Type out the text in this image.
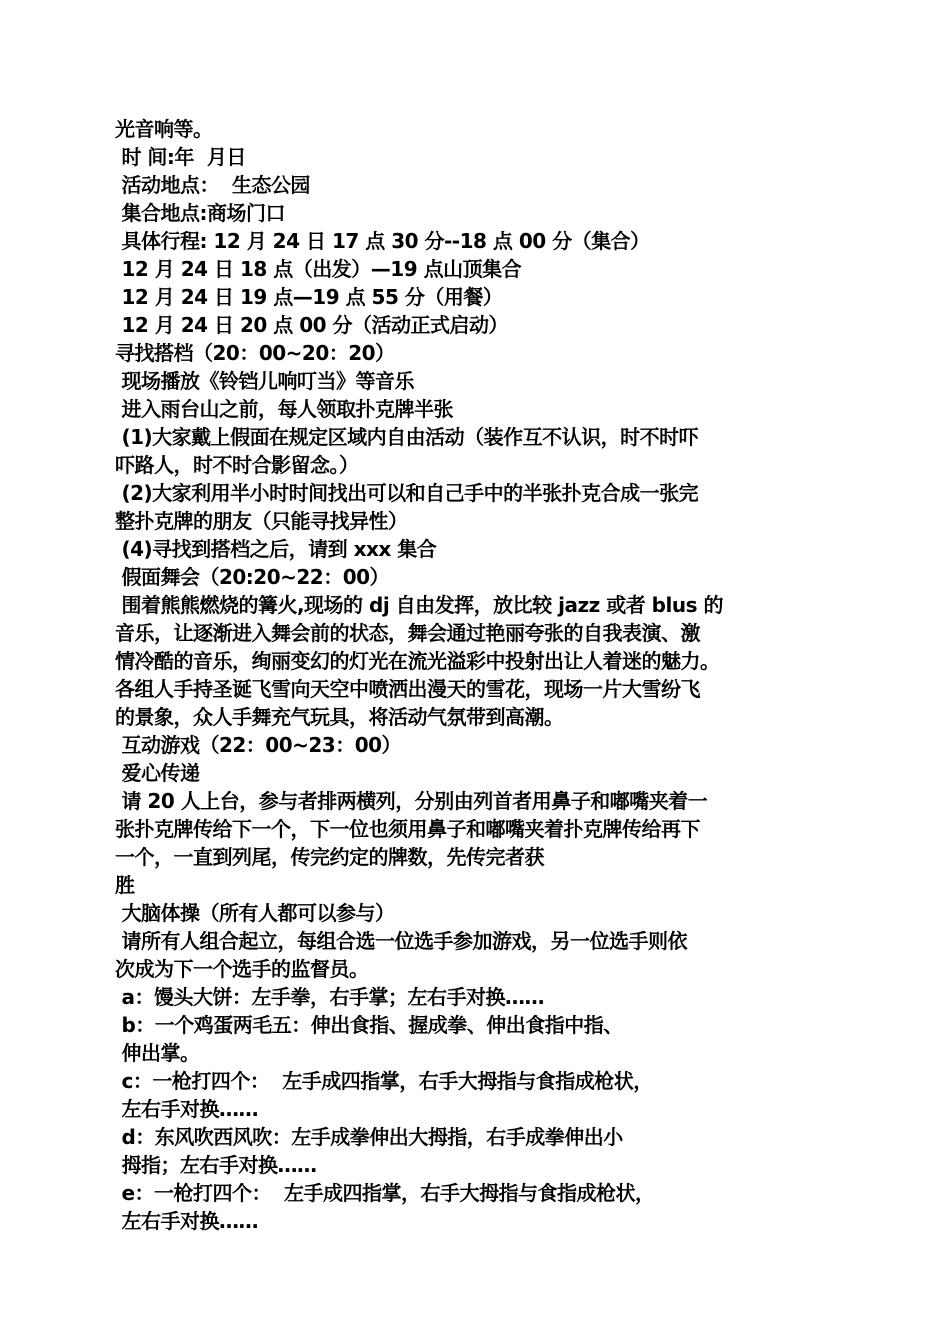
光音响等。

时 间:年  月日

活动地点：  生态公园

集合地点:商场门口

具体行程: 12 月 24 日 17 点 30 分--18 点 00 分（集合）

12 月 24 日 18 点（出发）—19 点山顶集合

12 月 24 日 19 点—19 点 55 分（用餐）

12 月 24 日 20 点 00 分（活动正式启动）

寻找搭档（20：00~20：20）

现场播放《铃铛儿响叮当》等音乐

进入雨台山之前，每人领取扑克牌半张

(1)大家戴上假面在规定区域内自由活动（装作互不认识，时不时吓

吓路人，时不时合影留念。）

(2)大家利用半小时时间找出可以和自己手中的半张扑克合成一张完

整扑克牌的朋友（只能寻找异性）

(4)寻找到搭档之后，请到 xxx 集合

假面舞会（20:20~22：00）

围着熊熊燃烧的篝火,现场的 dj 自由发挥，放比较 jazz 或者 blus 的

音乐，让逐渐进入舞会前的状态，舞会通过艳丽夸张的自我表演、激

情冷酷的音乐，绚丽变幻的灯光在流光溢彩中投射出让人着迷的魅力。

各组人手持圣诞飞雪向天空中喷洒出漫天的雪花，现场一片大雪纷飞

的景象，众人手舞充气玩具，将活动气氛带到高潮。

互动游戏（22：00~23：00）

爱心传递

请 20 人上台，参与者排两横列，分别由列首者用鼻子和嘟嘴夹着一

张扑克牌传给下一个，下一位也须用鼻子和嘟嘴夹着扑克牌传给再下

一个，一直到列尾，传完约定的牌数，先传完者获

胜

大脑体操（所有人都可以参与）

请所有人组合起立，每组合选一位选手参加游戏，另一位选手则依

次成为下一个选手的监督员。

a：馒头大饼：左手拳，右手掌；左右手对换……

b：一个鸡蛋两毛五：伸出食指、握成拳、伸出食指中指、

伸出掌。

c：一枪打四个：  左手成四指掌，右手大拇指与食指成枪状，

左右手对换……

d：东风吹西风吹：左手成拳伸出大拇指，右手成拳伸出小

拇指；左右手对换……

e：一枪打四个：  左手成四指掌，右手大拇指与食指成枪状，

左右手对换……
